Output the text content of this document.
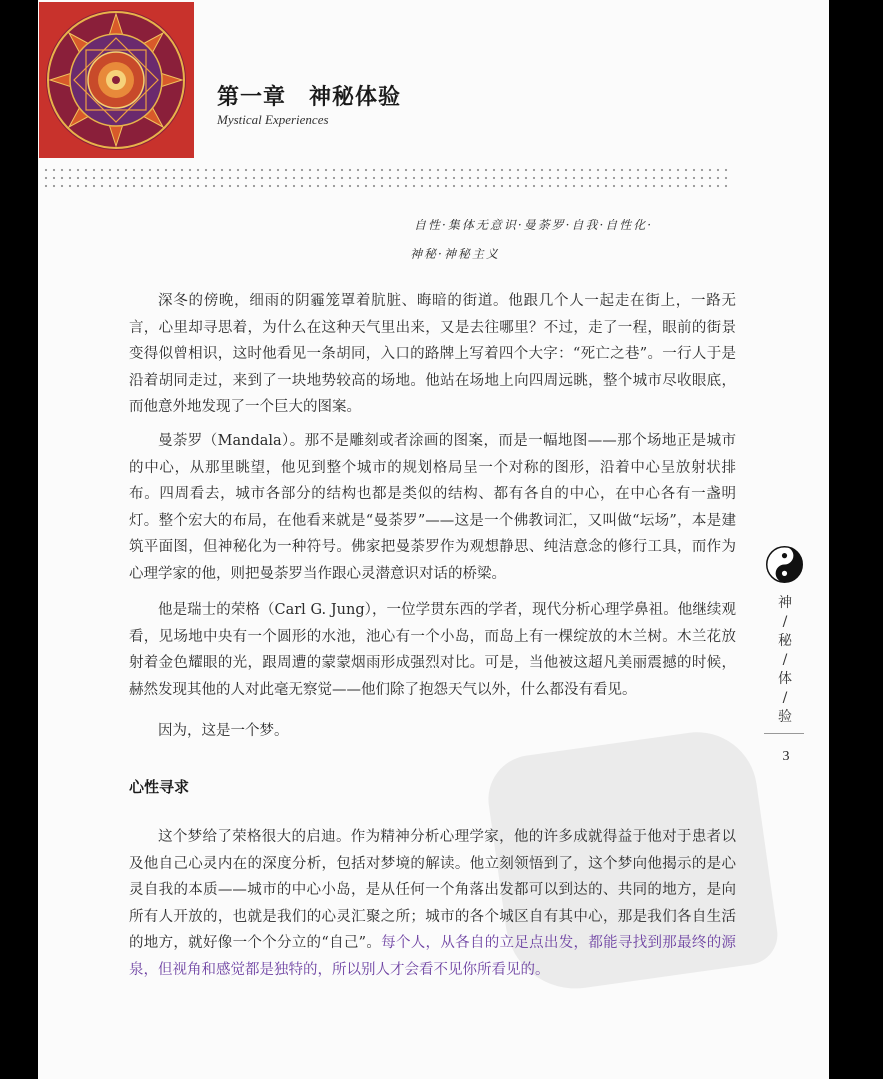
第一章　神秘体验
Mystical Experiences
自性·集体无意识·曼荼罗·自我·自性化·
神秘·神秘主义

深冬的傍晚，细雨的阴霾笼罩着肮脏、晦暗的街道。他跟几个人一起走在街上，一路无言，心里却寻思着，为什么在这种天气里出来，又是去往哪里？不过，走了一程，眼前的街景变得似曾相识，这时他看见一条胡同，入口的路牌上写着四个大字：“死亡之巷”。一行人于是沿着胡同走过，来到了一块地势较高的场地。他站在场地上向四周远眺，整个城市尽收眼底，而他意外地发现了一个巨大的图案。

曼荼罗（Mandala）。那不是雕刻或者涂画的图案，而是一幅地图——那个场地正是城市的中心，从那里眺望，他见到整个城市的规划格局呈一个对称的图形，沿着中心呈放射状排布。四周看去，城市各部分的结构也都是类似的结构、都有各自的中心，在中心各有一盏明灯。整个宏大的布局，在他看来就是“曼荼罗”——这是一个佛教词汇，又叫做“坛场”，本是建筑平面图，但神秘化为一种符号。佛家把曼荼罗作为观想静思、纯洁意念的修行工具，而作为心理学家的他，则把曼荼罗当作跟心灵潜意识对话的桥梁。

他是瑞士的荣格（Carl G. Jung），一位学贯东西的学者，现代分析心理学鼻祖。他继续观看，见场地中央有一个圆形的水池，池心有一个小岛，而岛上有一棵绽放的木兰树。木兰花放射着金色耀眼的光，跟周遭的蒙蒙烟雨形成强烈对比。可是，当他被这超凡美丽震撼的时候，赫然发现其他的人对此毫无察觉——他们除了抱怨天气以外，什么都没有看见。

因为，这是一个梦。

心性寻求

这个梦给了荣格很大的启迪。作为精神分析心理学家，他的许多成就得益于他对于患者以及他自己心灵内在的深度分析，包括对梦境的解读。他立刻领悟到了，这个梦向他揭示的是心灵自我的本质——城市的中心小岛，是从任何一个角落出发都可以到达的、共同的地方，是向所有人开放的，也就是我们的心灵汇聚之所；城市的各个城区自有其中心，那是我们各自生活的地方，就好像一个个分立的“自己”。每个人，从各自的立足点出发，都能寻找到那最终的源泉，但视角和感觉都是独特的，所以别人才会看不见你所看见的。

神
/
秘
/
体
/
验
3
